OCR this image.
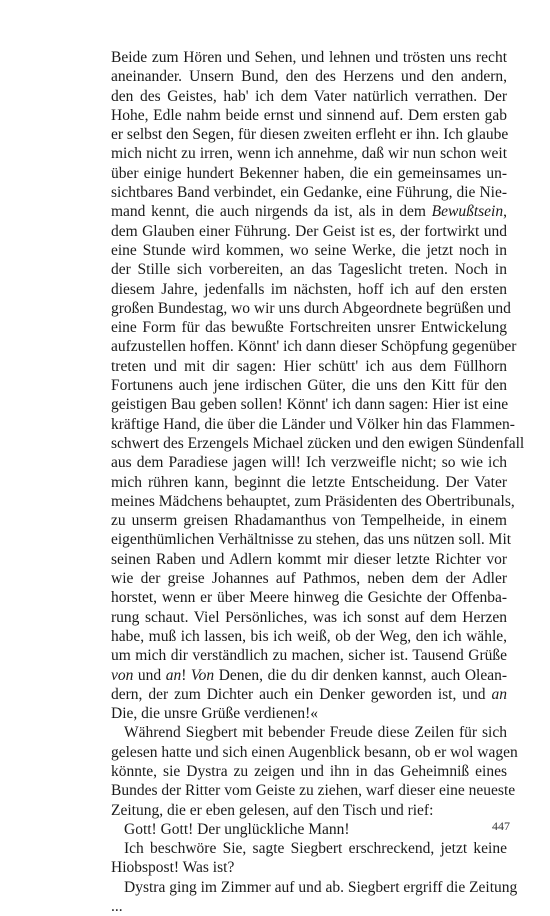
Beide zum Hören und Sehen, und lehnen und trösten uns recht
aneinander. Unsern Bund, den des Herzens und den andern,
den des Geistes, hab' ich dem Vater natürlich verrathen. Der
Hohe, Edle nahm beide ernst und sinnend auf. Dem ersten gab
er selbst den Segen, für diesen zweiten erfleht er ihn. Ich glaube
mich nicht zu irren, wenn ich annehme, daß wir nun schon weit
über einige hundert Bekenner haben, die ein gemeinsames un-
sichtbares Band verbindet, ein Gedanke, eine Führung, die Nie-
mand kennt, die auch nirgends da ist, als in dem Bewußtsein,
dem Glauben einer Führung. Der Geist ist es, der fortwirkt und
eine Stunde wird kommen, wo seine Werke, die jetzt noch in
der Stille sich vorbereiten, an das Tageslicht treten. Noch in
diesem Jahre, jedenfalls im nächsten, hoff ich auf den ersten
großen Bundestag, wo wir uns durch Abgeordnete begrüßen und
eine Form für das bewußte Fortschreiten unsrer Entwickelung
aufzustellen hoffen. Könnt' ich dann dieser Schöpfung gegenüber
treten und mit dir sagen: Hier schütt' ich aus dem Füllhorn
Fortunens auch jene irdischen Güter, die uns den Kitt für den
geistigen Bau geben sollen! Könnt' ich dann sagen: Hier ist eine
kräftige Hand, die über die Länder und Völker hin das Flammen-
schwert des Erzengels Michael zücken und den ewigen Sündenfall
aus dem Paradiese jagen will! Ich verzweifle nicht; so wie ich
mich rühren kann, beginnt die letzte Entscheidung. Der Vater
meines Mädchens behauptet, zum Präsidenten des Obertribunals,
zu unserm greisen Rhadamanthus von Tempelheide, in einem
eigenthümlichen Verhältnisse zu stehen, das uns nützen soll. Mit
seinen Raben und Adlern kommt mir dieser letzte Richter vor
wie der greise Johannes auf Pathmos, neben dem der Adler
horstet, wenn er über Meere hinweg die Gesichte der Offenba-
rung schaut. Viel Persönliches, was ich sonst auf dem Herzen
habe, muß ich lassen, bis ich weiß, ob der Weg, den ich wähle,
um mich dir verständlich zu machen, sicher ist. Tausend Grüße
von und an! Von Denen, die du dir denken kannst, auch Olean-
dern, der zum Dichter auch ein Denker geworden ist, und an
Die, die unsre Grüße verdienen!«
Während Siegbert mit bebender Freude diese Zeilen für sich
gelesen hatte und sich einen Augenblick besann, ob er wol wagen
könnte, sie Dystra zu zeigen und ihn in das Geheimniß eines
Bundes der Ritter vom Geiste zu ziehen, warf dieser eine neueste
Zeitung, die er eben gelesen, auf den Tisch und rief:
Gott! Gott! Der unglückliche Mann!
Ich beschwöre Sie, sagte Siegbert erschreckend, jetzt keine
Hiobspost! Was ist?
Dystra ging im Zimmer auf und ab. Siegbert ergriff die Zeitung
...
447
